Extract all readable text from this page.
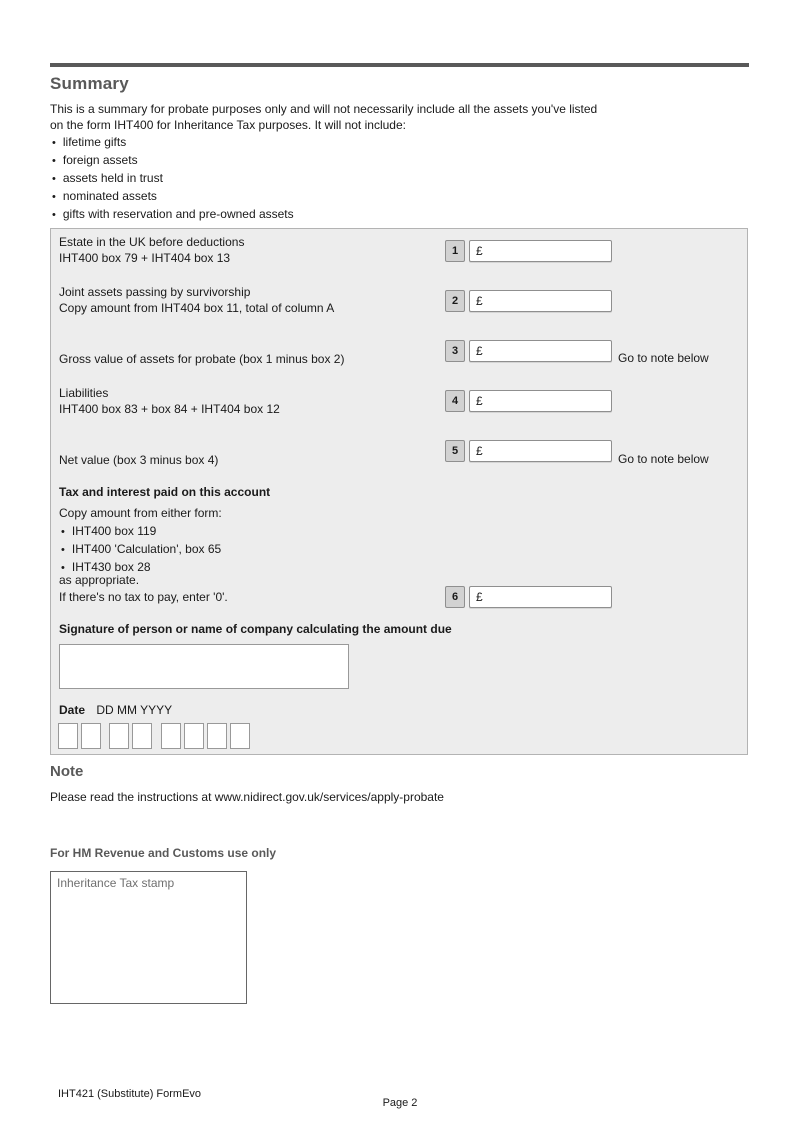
Summary
This is a summary for probate purposes only and will not necessarily include all the assets you've listed
on the form IHT400 for Inheritance Tax purposes. It will not include:
• lifetime gifts
• foreign assets
• assets held in trust
• nominated assets
• gifts with reservation and pre-owned assets
Estate in the UK before deductions
IHT400 box 79 + IHT404 box 13	1	£
Joint assets passing by survivorship
Copy amount from IHT404 box 11, total of column A	2	£
Gross value of assets for probate (box 1 minus box 2)
3	£	Go to note below
Liabilities
IHT400 box 83 + box 84 + IHT404 box 12
4	£
Net value (box 3 minus box 4)
5	£
Go to note below
Tax and interest paid on this account
Copy amount from either form:
• IHT400 box 119
• IHT400 'Calculation', box 65
• IHT430 box 28
as appropriate.
If there's no tax to pay, enter '0'.	6	£
Signature of person or name of company calculating the amount due
Date DD MM YYYY
Note
Please read the instructions at www.nidirect.gov.uk/services/apply-probate
For HM Revenue and Customs use only
Inheritance Tax stamp
IHT421 (Substitute) FormEvo
Page 2
